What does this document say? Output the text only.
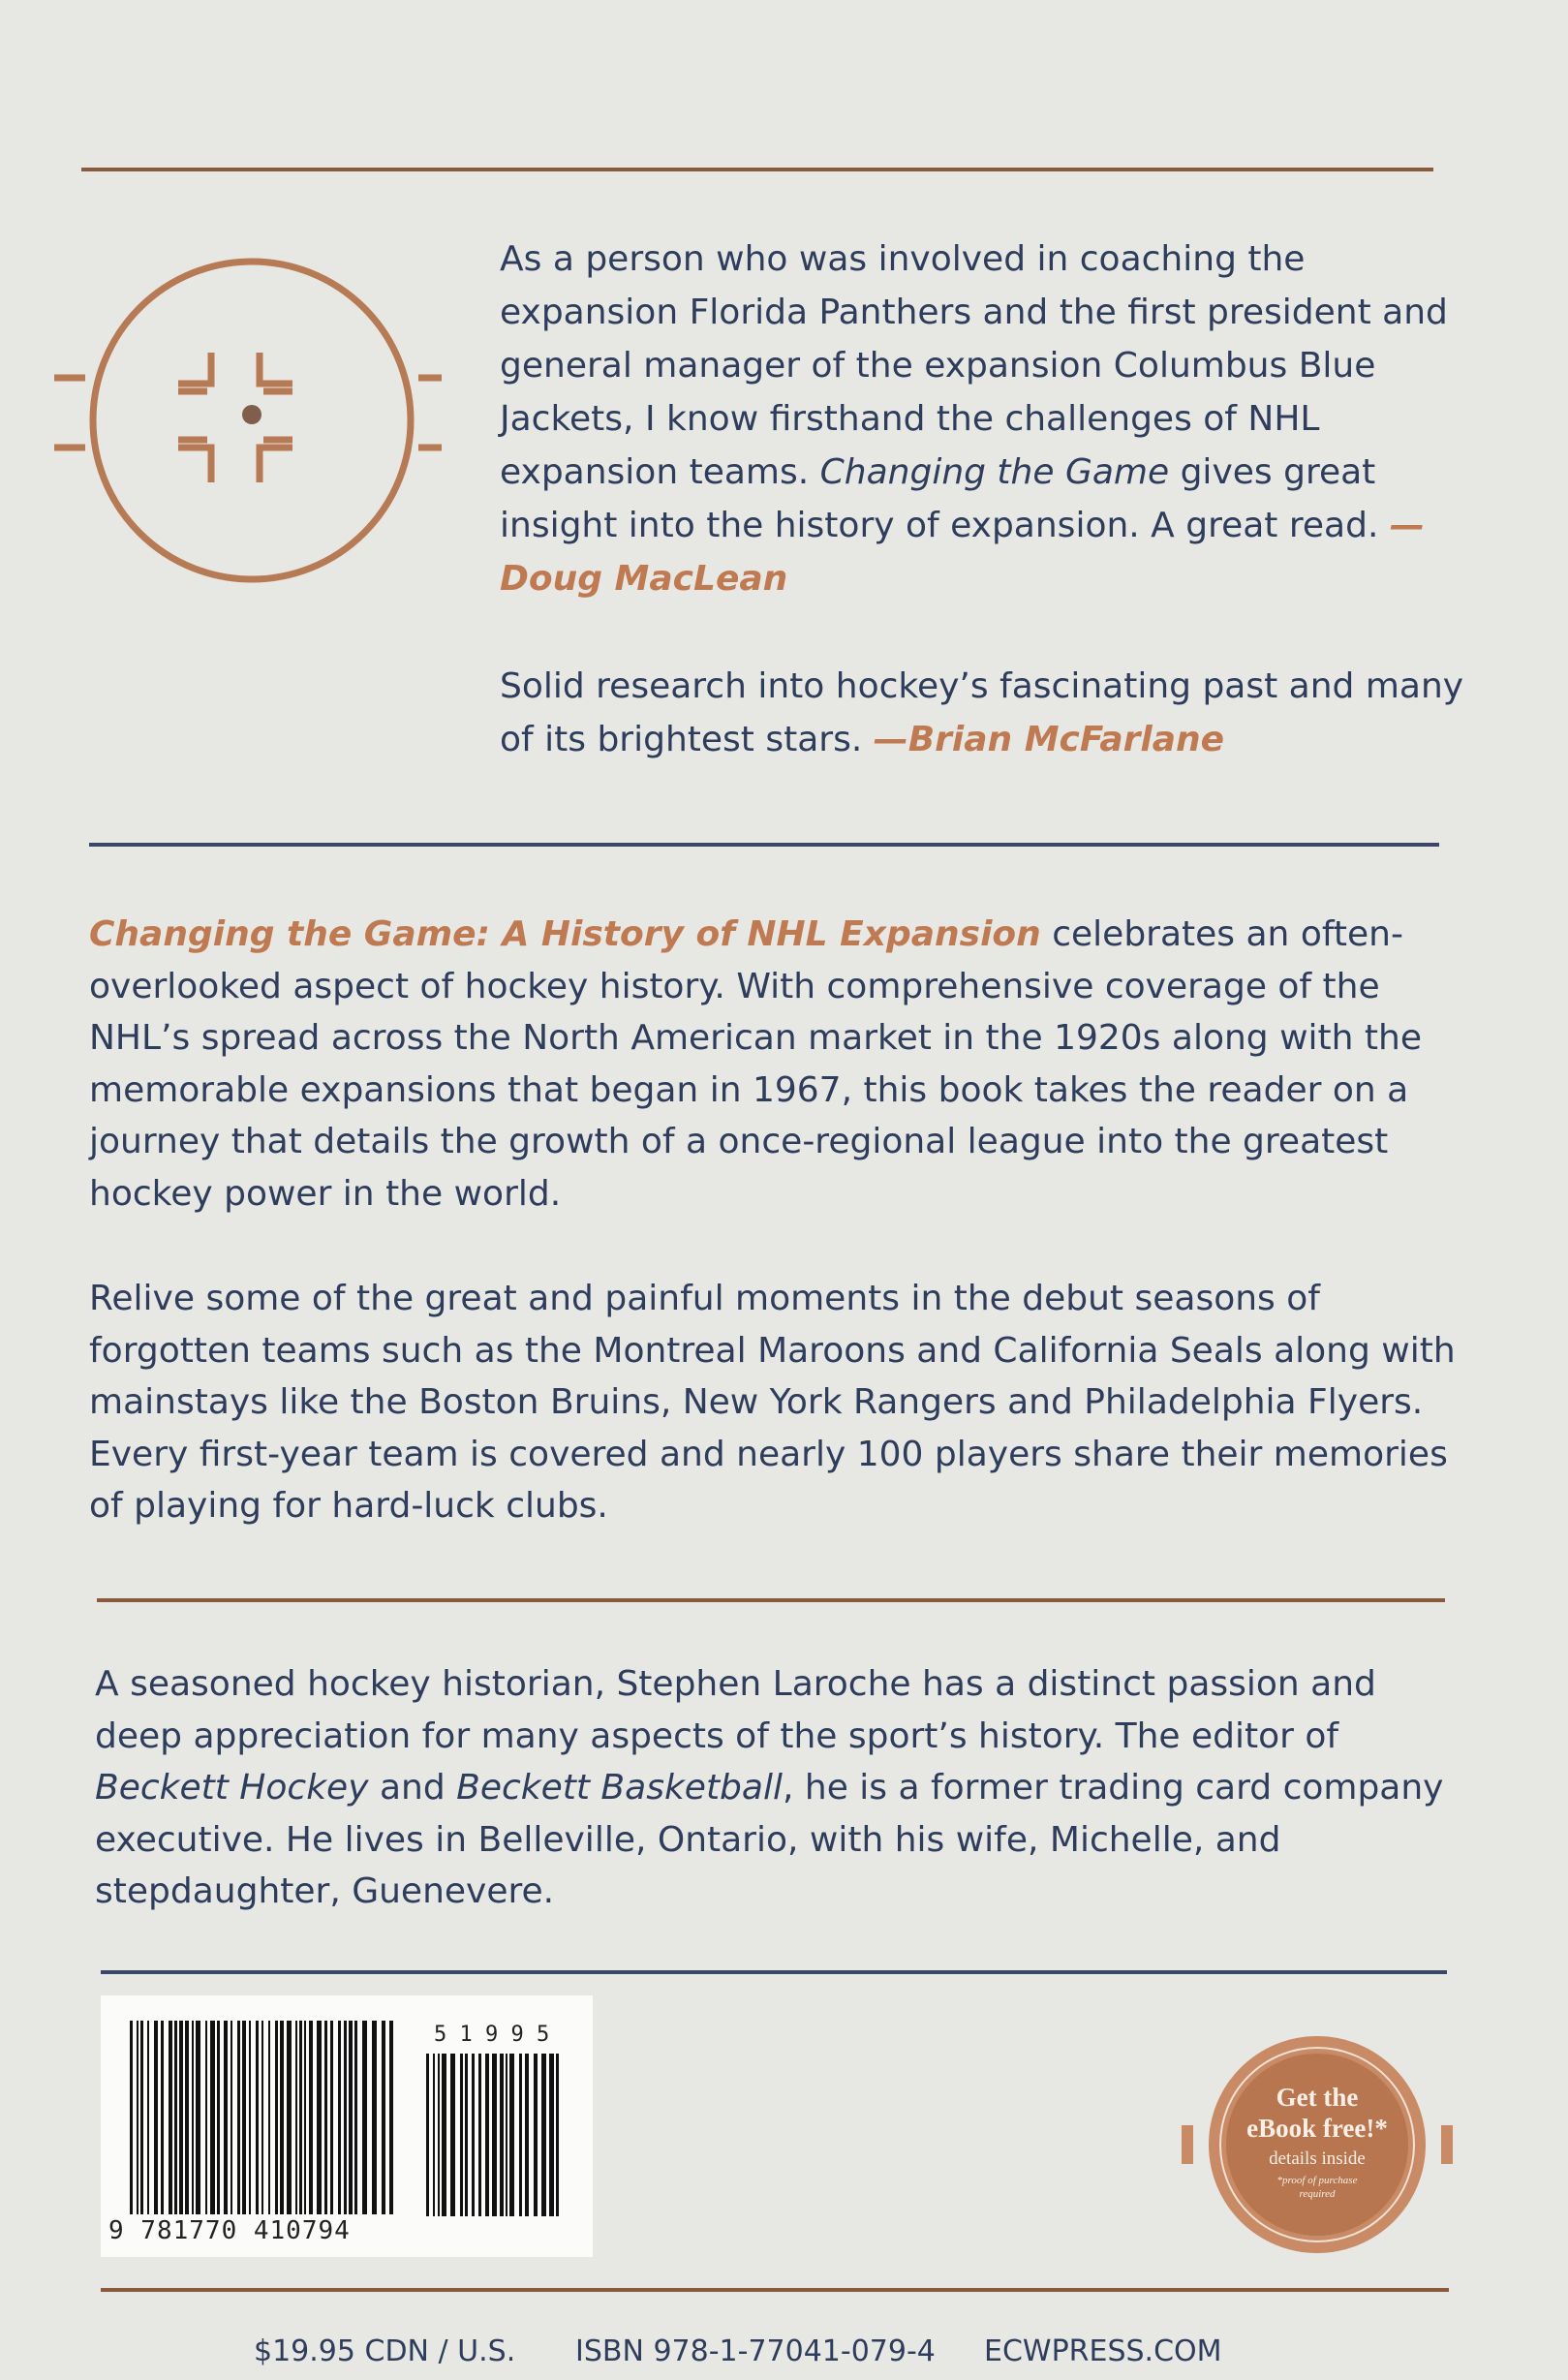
As a person who was involved in coaching the expansion Florida Panthers and the first president and general manager of the expansion Columbus Blue Jackets, I know firsthand the challenges of NHL expansion teams. Changing the Game gives great insight into the history of expansion. A great read. —Doug MacLean

Solid research into hockey’s fascinating past and many of its brightest stars. —Brian McFarlane

Changing the Game: A History of NHL Expansion celebrates an often-overlooked aspect of hockey history. With comprehensive coverage of the NHL’s spread across the North American market in the 1920s along with the memorable expansions that began in 1967, this book takes the reader on a journey that details the growth of a once-regional league into the greatest hockey power in the world.

Relive some of the great and painful moments in the debut seasons of forgotten teams such as the Montreal Maroons and California Seals along with mainstays like the Boston Bruins, New York Rangers and Philadelphia Flyers. Every first-year team is covered and nearly 100 players share their memories of playing for hard-luck clubs.

A seasoned hockey historian, Stephen Laroche has a distinct passion and deep appreciation for many aspects of the sport’s history. The editor of Beckett Hockey and Beckett Basketball, he is a former trading card company executive. He lives in Belleville, Ontario, with his wife, Michelle, and stepdaughter, Guenevere.

5 1 9 9 5
9 781770 410794
Get the
eBook free!*
details inside
*proof of purchase
required
$19.95 CDN / U.S. ISBN 978-1-77041-079-4 ECWPRESS.COM
